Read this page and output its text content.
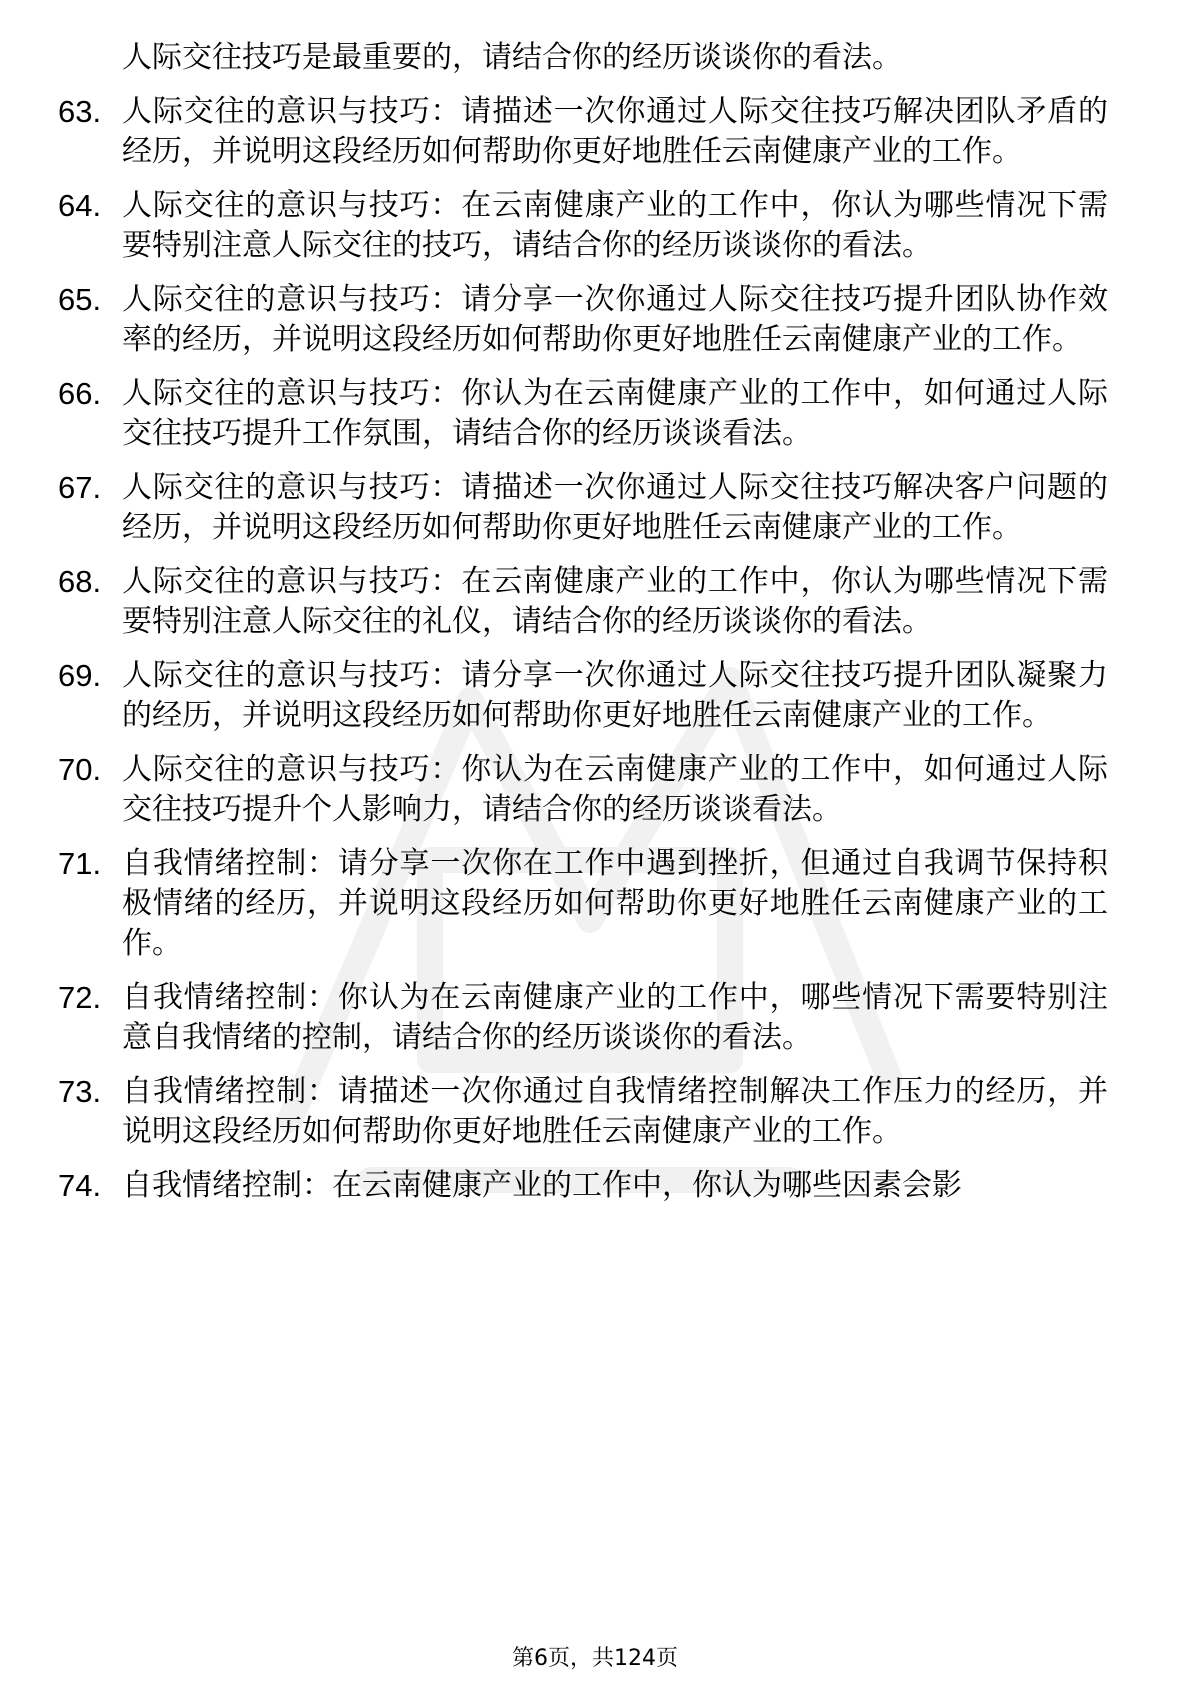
人际交往技巧是最重要的，请结合你的经历谈谈你的看法。
63. 人际交往的意识与技巧：请描述一次你通过人际交往技巧解决团队矛盾的经历，并说明这段经历如何帮助你更好地胜任云南健康产业的工作。
64. 人际交往的意识与技巧：在云南健康产业的工作中，你认为哪些情况下需要特别注意人际交往的技巧，请结合你的经历谈谈你的看法。
65. 人际交往的意识与技巧：请分享一次你通过人际交往技巧提升团队协作效率的经历，并说明这段经历如何帮助你更好地胜任云南健康产业的工作。
66. 人际交往的意识与技巧：你认为在云南健康产业的工作中，如何通过人际交往技巧提升工作氛围，请结合你的经历谈谈看法。
67. 人际交往的意识与技巧：请描述一次你通过人际交往技巧解决客户问题的经历，并说明这段经历如何帮助你更好地胜任云南健康产业的工作。
68. 人际交往的意识与技巧：在云南健康产业的工作中，你认为哪些情况下需要特别注意人际交往的礼仪，请结合你的经历谈谈你的看法。
69. 人际交往的意识与技巧：请分享一次你通过人际交往技巧提升团队凝聚力的经历，并说明这段经历如何帮助你更好地胜任云南健康产业的工作。
70. 人际交往的意识与技巧：你认为在云南健康产业的工作中，如何通过人际交往技巧提升个人影响力，请结合你的经历谈谈看法。
71. 自我情绪控制：请分享一次你在工作中遇到挫折，但通过自我调节保持积极情绪的经历，并说明这段经历如何帮助你更好地胜任云南健康产业的工作。
72. 自我情绪控制：你认为在云南健康产业的工作中，哪些情况下需要特别注意自我情绪的控制，请结合你的经历谈谈你的看法。
73. 自我情绪控制：请描述一次你通过自我情绪控制解决工作压力的经历，并说明这段经历如何帮助你更好地胜任云南健康产业的工作。
74. 自我情绪控制：在云南健康产业的工作中，你认为哪些因素会影
第6页，共124页
